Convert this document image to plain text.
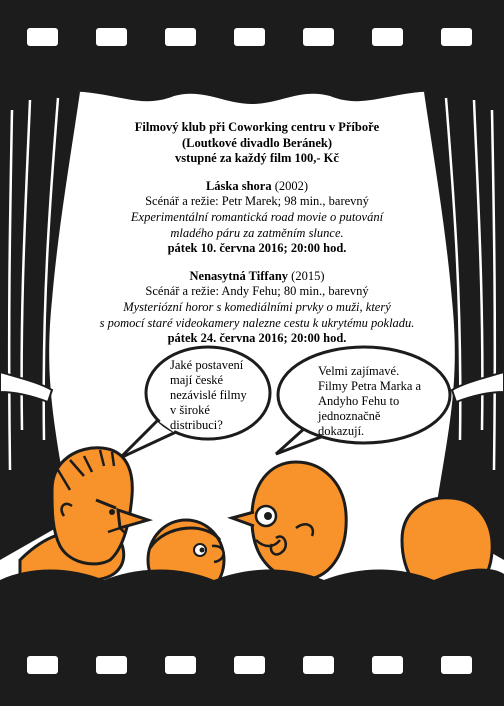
Filmový klub při Coworking centru v Příboře
(Loutkové divadlo Beránek)
vstupné za každý film 100,- Kč
Láska shora (2002)
Scénář a režie: Petr Marek; 98 min., barevný
Experimentální romantická road movie o putování
mladého páru za zatměním slunce.
pátek 10. června 2016; 20:00 hod.
Nenasytná Tiffany (2015)
Scénář a režie: Andy Fehu; 80 min., barevný
Mysteriózní horor s komediálními prvky o muži, který
s pomocí staré videokamery nalezne cestu k ukrytému pokladu.
pátek 24. června 2016; 20:00 hod.
Jaké postavení
mají české
nezávislé filmy
v široké
distribuci?
Velmi zajímavé.
Filmy Petra Marka a
Andyho Fehu to
jednoznačně
dokazují.
